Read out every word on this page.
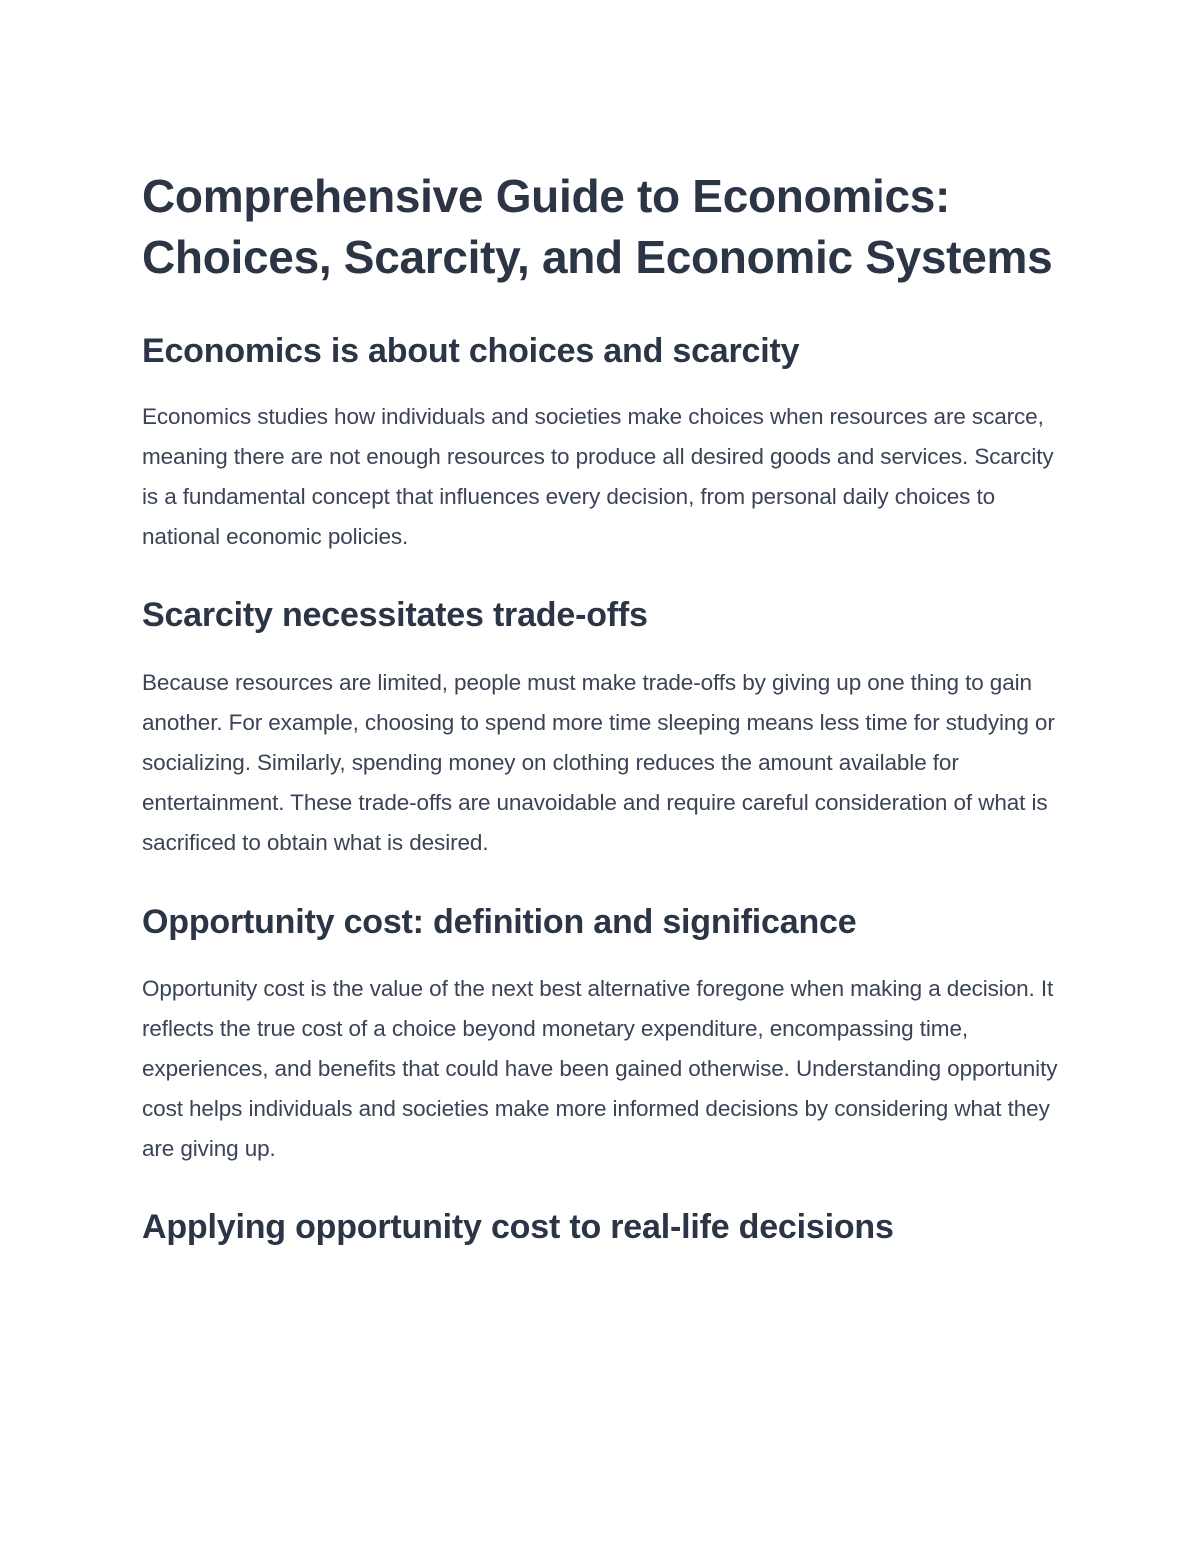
Comprehensive Guide to Economics: Choices, Scarcity, and Economic Systems
Economics is about choices and scarcity

Economics studies how individuals and societies make choices when resources are scarce, meaning there are not enough resources to produce all desired goods and services. Scarcity is a fundamental concept that influences every decision, from personal daily choices to national economic policies.

Scarcity necessitates trade-offs

Because resources are limited, people must make trade-offs by giving up one thing to gain another. For example, choosing to spend more time sleeping means less time for studying or socializing. Similarly, spending money on clothing reduces the amount available for entertainment. These trade-offs are unavoidable and require careful consideration of what is sacrificed to obtain what is desired.

Opportunity cost: definition and significance

Opportunity cost is the value of the next best alternative foregone when making a decision. It reflects the true cost of a choice beyond monetary expenditure, encompassing time, experiences, and benefits that could have been gained otherwise. Understanding opportunity cost helps individuals and societies make more informed decisions by considering what they are giving up.

Applying opportunity cost to real-life decisions
